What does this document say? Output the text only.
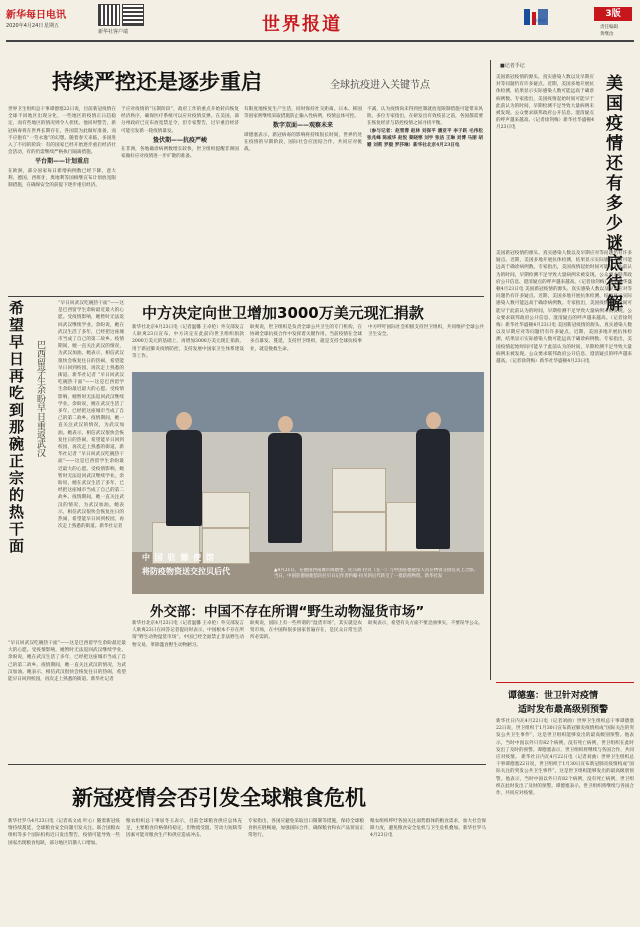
新华每日电讯
2020年4月24日 星期五
新华社客户端	世界报道	新华网
3版
责任编辑
黄继汝
持续严控还是逐步重启	全球抗疫进入关键节点
世界卫生组织总干事谭德塞22日说，目前新冠疫情在全球不同地区出现分化，一些地区的疫情正日趋稳定，而有些地区的情况则令人担忧。他同时警告，新冠病毒将在世界长期存在，各国需为此做好准备，而不应抱有“一劳永逸”的幻想。随着春天来临，多国进入了不同的阶段：有的国家已经开始逐步重启经济社会活动，有的仍需继续严格执行隔离措施。
平台期——计划重启
在欧洲，部分国家每日新增病例数已经下降，意大利、德国、西班牙、奥地利等国相继宣布计划放宽限制措施，在确保安全的前提下逐步重启经济。
于应对疫情的“压制阶段”，政府工作的重点开始转向恢复经济秩序，确保医疗系统可以应对疫情反弹。在美国，部分州政府已宣布放宽禁足令，但专家警告，过早重启经济可能引发新一轮疫情暴发。
蛰伏期——抗疫严峻
在非洲，各地确诊病例数增长较快，世卫组织提醒非洲国家做好应对疫情进一步扩散的准备。
有限度地恢复生产生活，同时保持社交距离。日本、韩国等国家则继续采取措施防止输入性病例，疫情总体可控。
数字双面——观察未来
谭德塞表示，新冠病毒的影响将持续很长时间，世界仍处在疫情的早期阶段，国际社会应团结合作，共同应对挑战。
不减，认为疫情尚未得到控制就放宽限制措施可能带来风险。多位专家指出，在研发出有效疫苗之前，各国都需要在恢复经济与防控疫情之间寻找平衡。
（参与记者：赵雪蓉 赵林 刘保平 潘亚平 李子跃 毛伟松 张兆峰 陈威华 赵悦 秦晓寒 刘宇 张洁 王琳 刘博 马丽 胡姗 刘莉 罗毅 罗莎琳）新华社北京4月23日电
■记者手记
美国新冠疫情的源头、真实感染人数以及早期应对等问题仍有许多疑点。近期，美国多地开展抗体检测，结果显示实际感染人数可能远高于确诊病例数。专家指出，美国疫情起始时间可能早于此前认为的时间，早期检测不足导致大量病例未被发现。公众要求联邦政府公开信息、澄清疑点的呼声越来越高。（记者徐剑梅）新华社华盛顿4月23日电	美国疫情还有多少谜底待解
美国新冠疫情的源头、真实感染人数以及早期应对等问题仍有许多疑点。近期，美国多地开展抗体检测，结果显示实际感染人数可能远高于确诊病例数。专家指出，美国疫情起始时间可能早于此前认为的时间，早期检测不足导致大量病例未被发现。公众要求联邦政府公开信息、澄清疑点的呼声越来越高。（记者徐剑梅）新华社华盛顿4月23日电 美国新冠疫情的源头、真实感染人数以及早期应对等问题仍有许多疑点。近期，美国多地开展抗体检测，结果显示实际感染人数可能远高于确诊病例数。专家指出，美国疫情起始时间可能早于此前认为的时间，早期检测不足导致大量病例未被发现。公众要求联邦政府公开信息、澄清疑点的呼声越来越高。（记者徐剑梅）新华社华盛顿4月23日电 美国新冠疫情的源头、真实感染人数以及早期应对等问题仍有许多疑点。近期，美国多地开展抗体检测，结果显示实际感染人数可能远高于确诊病例数。专家指出，美国疫情起始时间可能早于此前认为的时间，早期检测不足导致大量病例未被发现。公众要求联邦政府公开信息、澄清疑点的呼声越来越高。（记者徐剑梅）新华社华盛顿4月23日电
希望早日再吃到那碗正宗的热干面 巴西留学生余盼早日重返武汉
“早日回武汉吃碗热干面”——这是巴西留学生余盼最近最大的心愿。受疫情影响，她暂时无法返回武汉继续学业。余盼说，她在武汉生活了多年，已经把这座城市当成了自己的第二故乡。疫情期间，她一直关注武汉的情况，为武汉加油。她表示，相信武汉很快会恢复往日的热闹，希望能早日回到校园，再次走上熟悉的街道。新华社记者 “早日回武汉吃碗热干面”——这是巴西留学生余盼最近最大的心愿。受疫情影响，她暂时无法返回武汉继续学业。余盼说，她在武汉生活了多年，已经把这座城市当成了自己的第二故乡。疫情期间，她一直关注武汉的情况，为武汉加油。她表示，相信武汉很快会恢复往日的热闹，希望能早日回到校园，再次走上熟悉的街道。新华社记者 “早日回武汉吃碗热干面”——这是巴西留学生余盼最近最大的心愿。受疫情影响，她暂时无法返回武汉继续学业。余盼说，她在武汉生活了多年，已经把这座城市当成了自己的第二故乡。疫情期间，她一直关注武汉的情况，为武汉加油。她表示，相信武汉很快会恢复往日的热闹，希望能早日回到校园，再次走上熟悉的街道。新华社记者
“早日回武汉吃碗热干面”——这是巴西留学生余盼最近最大的心愿。受疫情影响，她暂时无法返回武汉继续学业。余盼说，她在武汉生活了多年，已经把这座城市当成了自己的第二故乡。疫情期间，她一直关注武汉的情况，为武汉加油。她表示，相信武汉很快会恢复往日的热闹，希望能早日回到校园，再次走上熟悉的街道。新华社记者
中方决定向世卫增加3000万美元现汇捐款
新华社北京4月23日电（记者温馨 王卓伦）外交部发言人耿爽23日宣布，中方决定在此前向世卫组织捐款2000万美元的基础上，再增加3000万美元现汇捐款，用于新冠肺炎疫情防控，支持发展中国家卫生体系建设等工作。
耿爽说，世卫组织是负责全球公共卫生的专门机构，在协调全球抗疫合作中发挥着关键作用。当前疫情在全球多点暴发、蔓延，支持世卫组织，就是支持全球抗疫事业，就是挽救生命。
中方呼吁国际社会积极支持世卫组织，共同维护全球公共卫生安全。
中 国 驻 德 使 馆
将防疫物资送交拉贝后代	▲4月21日，在德国西南城市海德堡，托马斯·拉贝（左一）与中国驻德使馆人员在物资交接仪式上合影。当日，中国驻德国使馆向拉贝日记作者约翰·拉贝的后代转交了一批防疫物资。新华社发
外交部：中国不存在所谓“野生动物湿货市场”
新华社北京4月23日电（记者温馨 王卓伦）外交部发言人耿爽23日在回答记者提问时表示，中国根本不存在所谓“野生动物湿货市场”。中国已经全面禁止非法野生动物交易，革除滥食野生动物陋习。
耿爽说，国际上有一些所谓的“湿货市场”，其实就是农贸市场，在中国和很多国家普遍存在，是民众日常生活所必需的。
耿爽表示，希望有关方面不要歪曲事实，不要误导公众。
谭德塞：世卫针对疫情
适时发布最高级别预警
新华社日内瓦4月22日电（记者刘曲）世界卫生组织总干事谭德塞22日说，世卫组织于1月30日宣布新冠肺炎疫情构成“国际关注的突发公共卫生事件”，这是世卫组织能够发出的最高级别预警。他表示，当时中国以外只有82个病例，没有死亡病例，世卫组织在此时发出了及时的预警。谭德塞表示，世卫组织将继续与各国合作，共同应对疫情。 新华社日内瓦4月22日电（记者刘曲）世界卫生组织总干事谭德塞22日说，世卫组织于1月30日宣布新冠肺炎疫情构成“国际关注的突发公共卫生事件”，这是世卫组织能够发出的最高级别预警。他表示，当时中国以外只有82个病例，没有死亡病例，世卫组织在此时发出了及时的预警。谭德塞表示，世卫组织将继续与各国合作，共同应对疫情。
新冠疫情会否引发全球粮食危机
新华社罗马4月23日电（记者高文成 叶心）随着新冠疫情持续蔓延，全球粮食安全问题引发关注。联合国粮农组织等多个国际机构近日发出警告，疫情可能导致一些国家出现粮食短缺，部分地区饥饿人口增加。
粮农组织总干事屈冬玉表示，目前全球粮食供应总体充足，主要粮食价格保持稳定，但物流受阻、劳动力短缺等因素可能对粮食生产和供应造成冲击。
专家指出，各国应避免采取出口限制等措施，保持全球粮食供应链畅通，加强国际合作，确保粮食和农产品贸易正常进行。
粮农组织呼吁各国关注弱势群体的粮食需求，加大社会保障力度，避免粮食安全危机与卫生危机叠加。新华社罗马4月23日电
